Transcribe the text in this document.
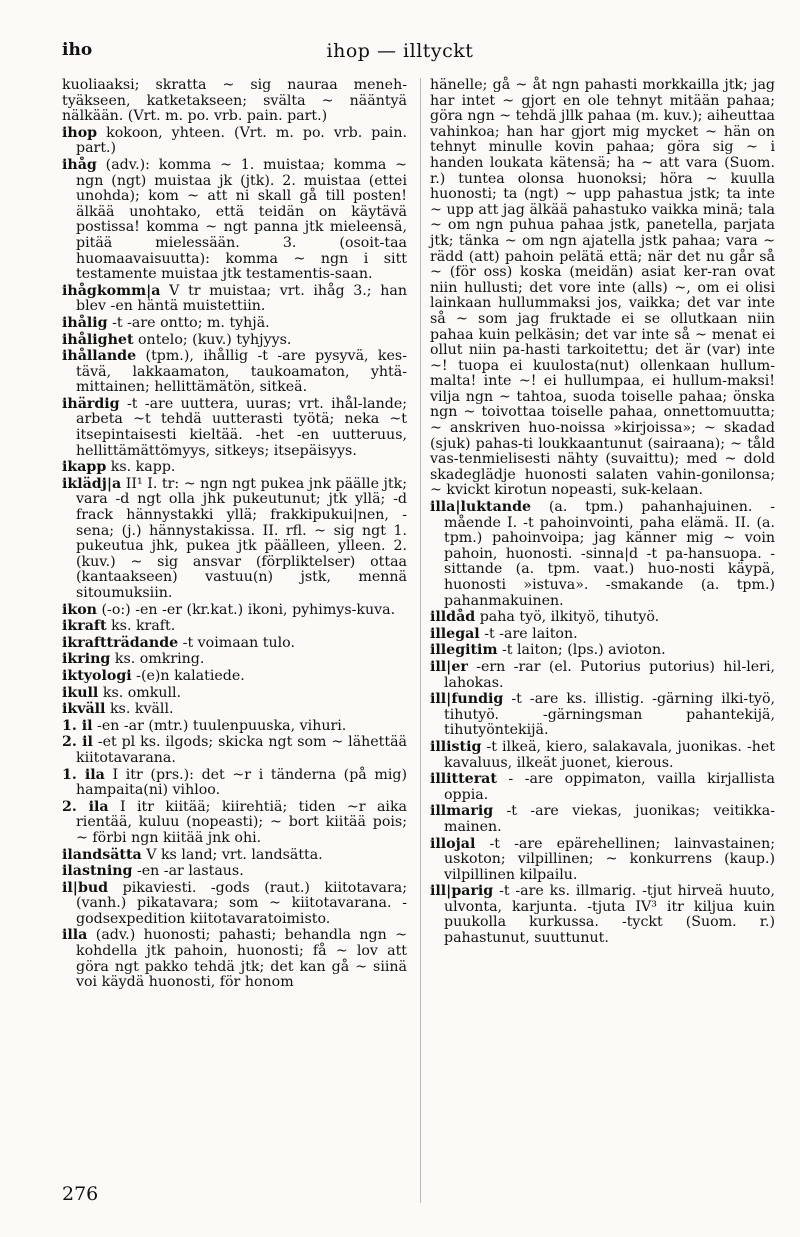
iho	ihop — illtyckt
kuoliaaksi; skratta ~ sig nauraa meneh-tyäkseen, katketakseen; svälta ~ nääntyä nälkään. (Vrt. m. po. vrb. pain. part.)
ihop kokoon, yhteen. (Vrt. m. po. vrb. pain. part.)
ihåg (adv.): komma ~ 1. muistaa; komma ~ ngn (ngt) muistaa jk (jtk). 2. muistaa (ettei unohda); kom ~ att ni skall gå till posten! älkää unohtako, että teidän on käytävä postissa! komma ~ ngt panna jtk mieleensä, pitää mielessään. 3. (osoit-taa huomaavaisuutta): komma ~ ngn i sitt testamente muistaa jtk testamentis-saan.
ihågkomm|a V tr muistaa; vrt. ihåg 3.; han blev -en häntä muistettiin.
ihålig -t -are ontto; m. tyhjä.
ihålighet ontelo; (kuv.) tyhjyys.
ihållande (tpm.), ihållig -t -are pysyvä, kes-tävä, lakkaamaton, taukoamaton, yhtä-mittainen; hellittämätön, sitkeä.
ihärdig -t -are uuttera, uuras; vrt. ihål-lande; arbeta ~t tehdä uutterasti työtä; neka ~t itsepintaisesti kieltää. -het -en uutteruus, hellittämättömyys, sitkeys; itsepäisyys.
ikapp ks. kapp.
iklädj|a II¹ I. tr: ~ ngn ngt pukea jnk päälle jtk; vara -d ngt olla jhk pukeutunut; jtk yllä; -d frack hännystakki yllä; frakkipukui|nen, -sena; (j.) hännystakissa. II. rfl. ~ sig ngt 1. pukeutua jhk, pukea jtk päälleen, ylleen. 2. (kuv.) ~ sig ansvar (förpliktelser) ottaa (kantaakseen) vastuu(n) jstk, mennä sitoumuksiin.
ikon (-o:) -en -er (kr.kat.) ikoni, pyhimys-kuva.
ikraft ks. kraft.
ikraftträdande -t voimaan tulo.
ikring ks. omkring.
iktyologi -(e)n kalatiede.
ikull ks. omkull.
ikväll ks. kväll.
1. il -en -ar (mtr.) tuulenpuuska, vihuri.
2. il -et pl ks. ilgods; skicka ngt som ~ lähettää kiitotavarana.
1. ila I itr (prs.): det ~r i tänderna (på mig) hampaita(ni) vihloo.
2. ila I itr kiitää; kiirehtiä; tiden ~r aika rientää, kuluu (nopeasti); ~ bort kiitää pois; ~ förbi ngn kiitää jnk ohi.
ilandsätta V ks land; vrt. landsätta.
ilastning -en -ar lastaus.
il|bud pikaviesti. -gods (raut.) kiitotavara; (vanh.) pikatavara; som ~ kiitotavarana. -godsexpedition kiitotavaratoimisto.
illa (adv.) huonosti; pahasti; behandla ngn ~ kohdella jtk pahoin, huonosti; få ~ lov att göra ngt pakko tehdä jtk; det kan gå ~ siinä voi käydä huonosti, för honom
hänelle; gå ~ åt ngn pahasti morkkailla jtk; jag har intet ~ gjort en ole tehnyt mitään pahaa; göra ngn ~ tehdä jllk pahaa (m. kuv.); aiheuttaa vahinkoa; han har gjort mig mycket ~ hän on tehnyt minulle kovin pahaa; göra sig ~ i handen loukata kätensä; ha ~ att vara (Suom. r.) tuntea olonsa huonoksi; höra ~ kuulla huonosti; ta (ngt) ~ upp pahastua jstk; ta inte ~ upp att jag älkää pahastuko vaikka minä; tala ~ om ngn puhua pahaa jstk, panetella, parjata jtk; tänka ~ om ngn ajatella jstk pahaa; vara ~ rädd (att) pahoin pelätä että; när det nu går så ~ (för oss) koska (meidän) asiat ker-ran ovat niin hullusti; det vore inte (alls) ~, om ei olisi lainkaan hullummaksi jos, vaikka; det var inte så ~ som jag fruktade ei se ollutkaan niin pahaa kuin pelkäsin; det var inte så ~ menat ei ollut niin pa-hasti tarkoitettu; det är (var) inte ~! tuopa ei kuulosta(nut) ollenkaan hullum-malta! inte ~! ei hullumpaa, ei hullum-maksi! vilja ngn ~ tahtoa, suoda toiselle pahaa; önska ngn ~ toivottaa toiselle pahaa, onnettomuutta; ~ anskriven huo-noissa »kirjoissa»; ~ skadad (sjuk) pahas-ti loukkaantunut (sairaana); ~ tåld vas-tenmielisesti nähty (suvaittu); med ~ dold skadeglädje huonosti salaten vahin-gonilonsa; ~ kvickt kirotun nopeasti, suk-kelaan.
illa|luktande (a. tpm.) pahanhajuinen. -mående I. -t pahoinvointi, paha elämä. II. (a. tpm.) pahoinvoipa; jag känner mig ~ voin pahoin, huonosti. -sinna|d -t pa-hansuopa. -sittande (a. tpm. vaat.) huo-nosti käypä, huonosti »istuva». -smakande (a. tpm.) pahanmakuinen.
illdåd paha työ, ilkityö, tihutyö.
illegal -t -are laiton.
illegitim -t laiton; (lps.) avioton.
ill|er -ern -rar (el. Putorius putorius) hil-leri, lahokas.
ill|fundig -t -are ks. illistig. -gärning ilki-työ, tihutyö. -gärningsman pahantekijä, tihutyöntekijä.
illistig -t ilkeä, kiero, salakavala, juonikas. -het kavaluus, ilkeät juonet, kierous.
illitterat - -are oppimaton, vailla kirjallista oppia.
illmarig -t -are viekas, juonikas; veitikka-mainen.
illojal -t -are epärehellinen; lainvastainen; uskoton; vilpillinen; ~ konkurrens (kaup.) vilpillinen kilpailu.
ill|parig -t -are ks. illmarig. -tjut hirveä huuto, ulvonta, karjunta. -tjuta IV³ itr kiljua kuin puukolla kurkussa. -tyckt (Suom. r.) pahastunut, suuttunut.
276
